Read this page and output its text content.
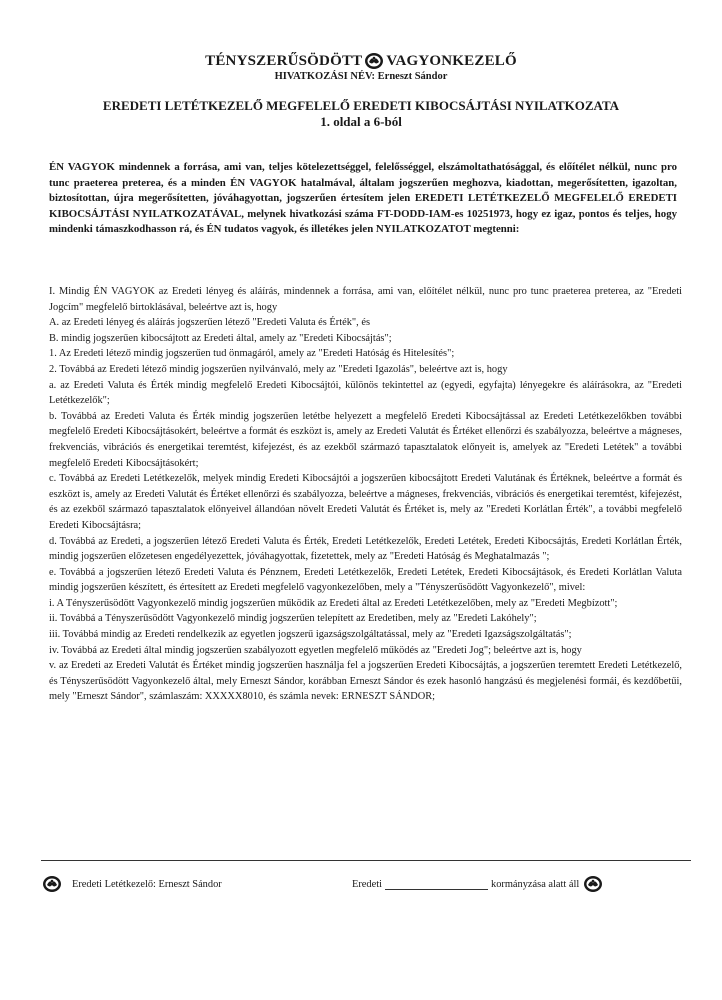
TÉNYSZERŰSÖDÖTT VAGYONKEZELŐ
HIVATKOZÁSI NÉV: Erneszt Sándor
EREDETI LETÉTKEZELŐ MEGFELELŐ EREDETI KIBOCSÁJTÁSI NYILATKOZATA
1. oldal a 6-ból
ÉN VAGYOK mindennek a forrása, ami van, teljes kötelezettséggel, felelősséggel, elszámoltathatósággal, és előítélet nélkül, nunc pro tunc praeterea preterea, és a minden ÉN VAGYOK hatalmával, általam jogszerűen meghozva, kiadottan, megerősítetten, igazoltan, biztosítottan, újra megerősítetten, jóváhagyottan, jogszerűen értesítem jelen EREDETI LETÉTKEZELŐ MEGFELELŐ EREDETI KIBOCSÁJTÁSI NYILATKOZATÁVAL, melynek hivatkozási száma FT-DODD-IAM-es 10251973, hogy ez igaz, pontos és teljes, hogy mindenki támaszkodhasson rá, és ÉN tudatos vagyok, és illetékes jelen NYILATKOZATOT megtenni:

I. Mindig ÉN VAGYOK az Eredeti lényeg és aláírás, mindennek a forrása, ami van, előítélet nélkül, nunc pro tunc praeterea preterea, az "Eredeti Jogcím" megfelelő birtoklásával, beleértve azt is, hogy

A. az Eredeti lényeg és aláírás jogszerűen létező "Eredeti Valuta és Érték", és

B. mindig jogszerűen kibocsájtott az Eredeti által, amely az "Eredeti Kibocsájtás";

1. Az Eredeti létező mindig jogszerűen tud önmagáról, amely az "Eredeti Hatóság és Hitelesítés";

2. Továbbá az Eredeti létező mindig jogszerűen nyilvánvaló, mely az "Eredeti Igazolás", beleértve azt is, hogy

a. az Eredeti Valuta és Érték mindig megfelelő Eredeti Kibocsájtói, különös tekintettel az (egyedi, egyfajta) lényegekre és aláírásokra, az "Eredeti Letétkezelők";

b. Továbbá az Eredeti Valuta és Érték mindig jogszerűen letétbe helyezett a megfelelő Eredeti Kibocsájtással az Eredeti Letétkezelőkben további megfelelő Eredeti Kibocsájtásokért, beleértve a formát és eszközt is, amely az Eredeti Valutát és Értéket ellenőrzi és szabályozza, beleértve a mágneses, frekvenciás, vibrációs és energetikai teremtést, kifejezést, és az ezekből származó tapasztalatok előnyeit is, amelyek az "Eredeti Letétek" a további megfelelő Eredeti Kibocsájtásokért;

c. Továbbá az Eredeti Letétkezelők, melyek mindig Eredeti Kibocsájtói a jogszerűen kibocsájtott Eredeti Valutának és Értéknek, beleértve a formát és eszközt is, amely az Eredeti Valutát és Értéket ellenőrzi és szabályozza, beleértve a mágneses, frekvenciás, vibrációs és energetikai teremtést, kifejezést, és az ezekből származó tapasztalatok előnyeivel állandóan növelt Eredeti Valutát és Értéket is, mely az "Eredeti Korlátlan Érték", a további megfelelő Eredeti Kibocsájtásra;

d. Továbbá az Eredeti, a jogszerűen létező Eredeti Valuta és Érték, Eredeti Letétkezelők, Eredeti Letétek, Eredeti Kibocsájtás, Eredeti Korlátlan Érték, mindig jogszerűen előzetesen engedélyezettek, jóváhagyottak, fizetettek, mely az "Eredeti Hatóság és Meghatalmazás ";

e. Továbbá a jogszerűen létező Eredeti Valuta és Pénznem, Eredeti Letétkezelők, Eredeti Letétek, Eredeti Kibocsájtások, és Eredeti Korlátlan Valuta mindig jogszerűen készített, és értesített az Eredeti megfelelő vagyonkezelőben, mely a "Tényszerűsödött Vagyonkezelő", mivel:

i. A Tényszerűsödött Vagyonkezelő mindig jogszerűen működik az Eredeti által az Eredeti Letétkezelőben, mely az "Eredeti Megbízott";

ii. Továbbá a Tényszerűsödött Vagyonkezelő mindig jogszerűen telepített az Eredetiben, mely az "Eredeti Lakóhely";

iii. Továbbá mindig az Eredeti rendelkezik az egyetlen jogszerű igazságszolgáltatással, mely az "Eredeti Igazságszolgáltatás";

iv. Továbbá az Eredeti által mindig jogszerűen szabályozott egyetlen megfelelő működés az "Eredeti Jog"; beleértve azt is, hogy

v. az Eredeti az Eredeti Valutát és Értéket mindig jogszerűen használja fel a jogszerűen Eredeti Kibocsájtás, a jogszerűen teremtett Eredeti Letétkezelő, és Tényszerűsödött Vagyonkezelő által, mely Erneszt Sándor, korábban Erneszt Sándor és ezek hasonló hangzású és megjelenési formái, és kezdőbetűi, mely "Erneszt Sándor", számlaszám: XXXXX8010, és számla nevek: ERNESZT SÁNDOR;

Eredeti Letétkezelő: Erneszt Sándor	Eredeti	kormányzása alatt áll
